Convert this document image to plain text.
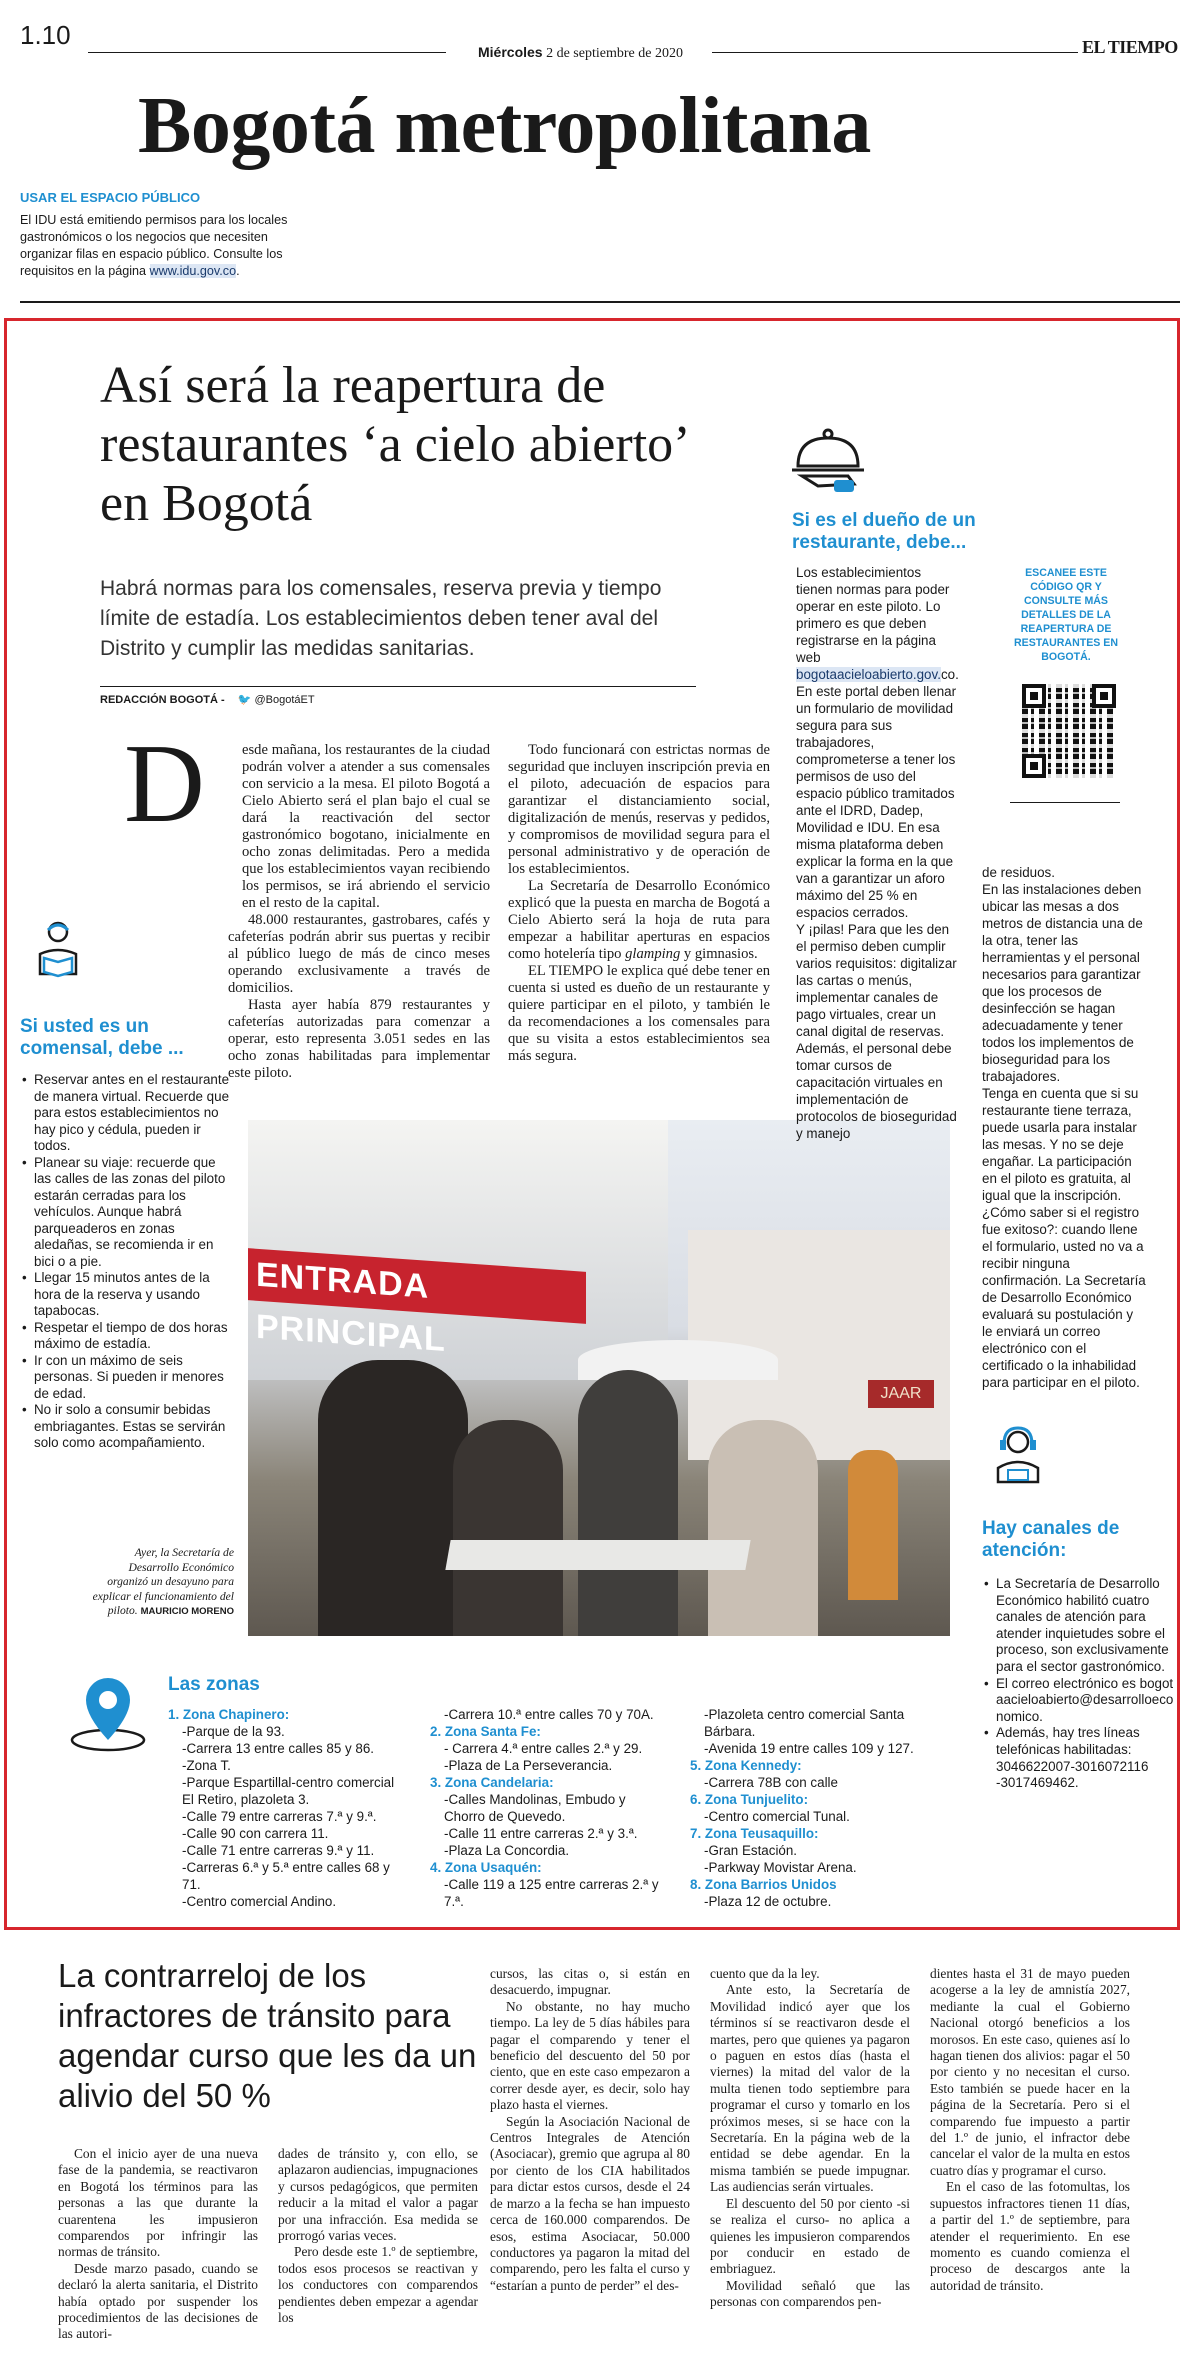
1.10
Miércoles 2 de septiembre de 2020	EL TIEMPO
Bogotá metropolitana
USAR EL ESPACIO PÚBLICO
El IDU está emitiendo permisos para los locales gastronómicos o los negocios que necesiten organizar filas en espacio público. Consulte los requisitos en la página www.idu.gov.co.
Así será la reapertura de restaurantes ‘a cielo abierto’ en Bogotá
Habrá normas para los comensales, reserva previa y tiempo límite de estadía. Los establecimientos deben tener aval del Distrito y cumplir las medidas sanitarias.
REDACCIÓN BOGOTÁ - 🐦 @BogotáET
D	esde mañana, los restaurantes de la ciudad podrán volver a atender a sus comensales con servicio a la mesa. El piloto Bogotá a Cielo Abierto será el plan bajo el cual se dará la reactivación del sector gastronómico bogotano, inicialmente en ocho zonas delimitadas. Pero a medida que los establecimientos vayan recibiendo los permisos, se irá abriendo el servicio en el resto de la capital.

48.000 restaurantes, gastrobares, cafés y cafeterías podrán abrir sus puertas y recibir al público luego de más de cinco meses operando exclusivamente a través de domicilios.

Hasta ayer había 879 restaurantes y cafeterías autorizadas para comenzar a operar, esto representa 3.051 sedes en las ocho zonas habilitadas para implementar este piloto.

Todo funcionará con estrictas normas de seguridad que incluyen inscripción previa en el piloto, adecuación de espacios para garantizar el distanciamiento social, digitalización de menús, reservas y pedidos, y compromisos de movilidad segura para el personal administrativo y de operación de los establecimientos.

La Secretaría de Desarrollo Económico explicó que la puesta en marcha de Bogotá a Cielo Abierto será la hoja de ruta para empezar a habilitar aperturas en espacios como hotelería tipo glamping y gimnasios.

EL TIEMPO le explica qué debe tener en cuenta si usted es dueño de un restaurante y quiere participar en el piloto, y también le da recomendaciones a los comensales para que su visita a estos establecimientos sea más segura.

Si usted es un comensal, debe ...
• Reservar antes en el restaurante de manera virtual. Recuerde que para estos establecimientos no hay pico y cédula, pueden ir todos.
• Planear su viaje: recuerde que las calles de las zonas del piloto estarán cerradas para los vehículos. Aunque habrá parqueaderos en zonas aledañas, se recomienda ir en bici o a pie.
• Llegar 15 minutos antes de la hora de la reserva y usando tapabocas.
• Respetar el tiempo de dos horas máximo de estadía.
• Ir con un máximo de seis personas. Si pueden ir menores de edad.
• No ir solo a consumir bebidas embriagantes. Estas se servirán solo como acompañamiento.
ENTRADA PRINCIPAL
JAAR
Ayer, la Secretaría de Desarrollo Económico organizó un desayuno para explicar el funcionamiento del piloto. MAURICIO MORENO
Si es el dueño de un restaurante, debe...

Los establecimientos tienen normas para poder operar en este piloto. Lo primero es que deben registrarse en la página web bogotaacieloabierto.gov.co. En este portal deben llenar un formulario de movilidad segura para sus trabajadores, comprometerse a tener los permisos de uso del espacio público tramitados ante el IDRD, Dadep, Movilidad e IDU. En esa misma plataforma deben explicar la forma en la que van a garantizar un aforo máximo del 25 % en espacios cerrados.

Y ¡pilas! Para que les den el permiso deben cumplir varios requisitos: digitalizar las cartas o menús, implementar canales de pago virtuales, crear un canal digital de reservas. Además, el personal debe tomar cursos de capacitación virtuales en implementación de protocolos de bioseguridad y manejo

de residuos.

En las instalaciones deben ubicar las mesas a dos metros de distancia una de la otra, tener las herramientas y el personal necesarios para garantizar que los procesos de desinfección se hagan adecuadamente y tener todos los implementos de bioseguridad para los trabajadores.

Tenga en cuenta que si su restaurante tiene terraza, puede usarla para instalar las mesas. Y no se deje engañar. La participación en el piloto es gratuita, al igual que la inscripción. ¿Cómo saber si el registro fue exitoso?: cuando llene el formulario, usted no va a recibir ninguna confirmación. La Secretaría de Desarrollo Económico evaluará su postulación y le enviará un correo electrónico con el certificado o la inhabilidad para participar en el piloto.

ESCANEE ESTE CÓDIGO QR Y CONSULTE MÁS DETALLES DE LA REAPERTURA DE RESTAURANTES EN BOGOTÁ.
Hay canales de atención:
• La Secretaría de Desarrollo Económico habilitó cuatro canales de atención para atender inquietudes sobre el proceso, son exclusivamente para el sector gastronómico.
• El correo electrónico es bogotaacieloabierto@desarrolloeconomico.
• Además, hay tres líneas telefónicas habilitadas: 3046622007-3016072116 -3017469462.
Las zonas
1. Zona Chapinero:
-Parque de la 93.
-Carrera 13 entre calles 85 y 86.
-Zona T.
-Parque Espartillal-centro comercial El Retiro, plazoleta 3.
-Calle 79 entre carreras 7.ª y 9.ª.
-Calle 90 con carrera 11.
-Calle 71 entre carreras 9.ª y 11.
-Carreras 6.ª y 5.ª entre calles 68 y 71.
-Centro comercial Andino.
-Carrera 10.ª entre calles 70 y 70A.
2. Zona Santa Fe:
- Carrera 4.ª entre calles 2.ª y 29.
-Plaza de La Perseverancia.
3. Zona Candelaria:
-Calles Mandolinas, Embudo y Chorro de Quevedo.
-Calle 11 entre carreras 2.ª y 3.ª.
-Plaza La Concordia.
4. Zona Usaquén:
-Calle 119 a 125 entre carreras 2.ª y 7.ª.
-Plazoleta centro comercial Santa Bárbara.
-Avenida 19 entre calles 109 y 127.
5. Zona Kennedy:
-Carrera 78B con calle
6. Zona Tunjuelito:
-Centro comercial Tunal.
7. Zona Teusaquillo:
-Gran Estación.
-Parkway Movistar Arena.
8. Zona Barrios Unidos
-Plaza 12 de octubre.
La contrarreloj de los infractores de tránsito para agendar curso que les da un alivio del 50 %

Con el inicio ayer de una nueva fase de la pandemia, se reactivaron en Bogotá los términos para las personas a las que durante la cuarentena les impusieron comparendos por infringir las normas de tránsito.

Desde marzo pasado, cuando se declaró la alerta sanitaria, el Distrito había optado por suspender los procedimientos de las decisiones de las autori-

dades de tránsito y, con ello, se aplazaron audiencias, impugnaciones y cursos pedagógicos, que permiten reducir a la mitad el valor a pagar por una infracción. Esa medida se prorrogó varias veces.

Pero desde este 1.º de septiembre, todos esos procesos se reactivan y los conductores con comparendos pendientes deben empezar a agendar los

cursos, las citas o, si están en desacuerdo, impugnar.

No obstante, no hay mucho tiempo. La ley de 5 días hábiles para pagar el comparendo y tener el beneficio del descuento del 50 por ciento, que en este caso empezaron a correr desde ayer, es decir, solo hay plazo hasta el viernes.

Según la Asociación Nacional de Centros Integrales de Atención (Asociacar), gremio que agrupa al 80 por ciento de los CIA habilitados para dictar estos cursos, desde el 24 de marzo a la fecha se han impuesto cerca de 160.000 comparendos. De esos, estima Asociacar, 50.000 conductores ya pagaron la mitad del comparendo, pero les falta el curso y “estarían a punto de perder” el des-

cuento que da la ley.

Ante esto, la Secretaría de Movilidad indicó ayer que los términos sí se reactivaron desde el martes, pero que quienes ya pagaron o paguen en estos días (hasta el viernes) la mitad del valor de la multa tienen todo septiembre para programar el curso y tomarlo en los próximos meses, si se hace con la Secretaría. En la página web de la entidad se debe agendar. En la misma también se puede impugnar. Las audiencias serán virtuales.

El descuento del 50 por ciento -si se realiza el curso- no aplica a quienes les impusieron comparendos por conducir en estado de embriaguez.

Movilidad señaló que las personas con comparendos pen-

dientes hasta el 31 de mayo pueden acogerse a la ley de amnistía 2027, mediante la cual el Gobierno Nacional otorgó beneficios a los morosos. En este caso, quienes así lo hagan tienen dos alivios: pagar el 50 por ciento y no necesitan el curso. Esto también se puede hacer en la página de la Secretaría. Pero si el comparendo fue impuesto a partir del 1.º de junio, el infractor debe cancelar el valor de la multa en estos cuatro días y programar el curso.

En el caso de las fotomultas, los supuestos infractores tienen 11 días, a partir del 1.º de septiembre, para atender el requerimiento. En ese momento es cuando comienza el proceso de descargos ante la autoridad de tránsito.
